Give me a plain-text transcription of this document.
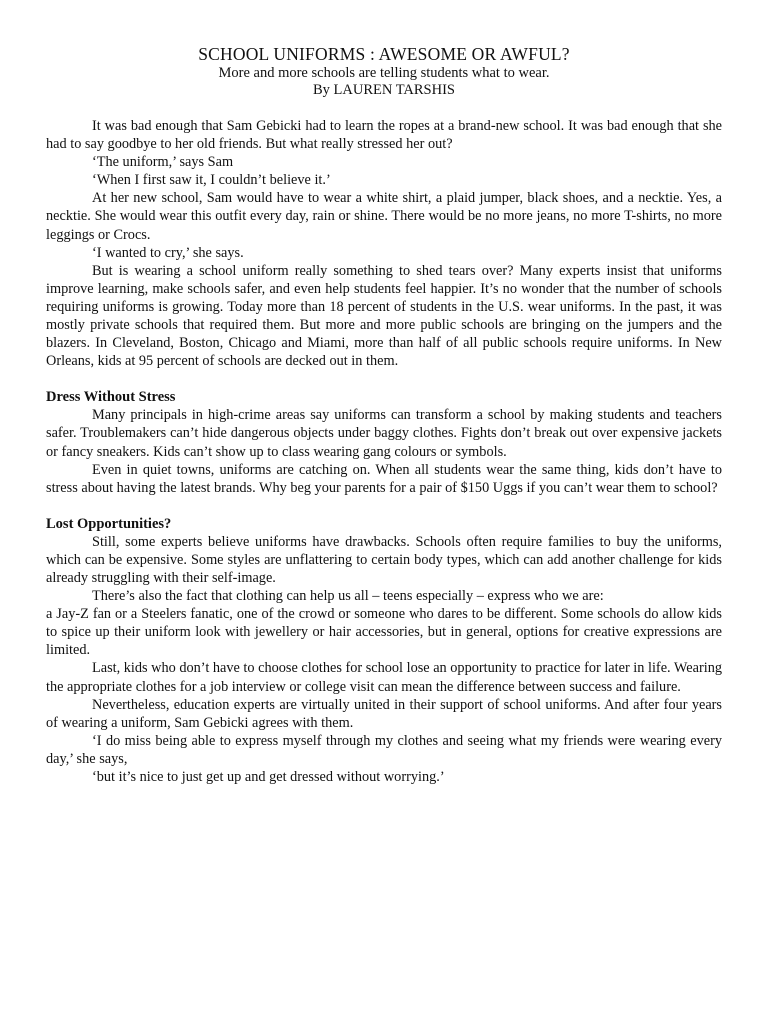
SCHOOL UNIFORMS : AWESOME OR AWFUL?
More and more schools are telling students what to wear.
By LAUREN TARSHIS

It was bad enough that Sam Gebicki had to learn the ropes at a brand-new school. It was bad enough that she had to say goodbye to her old friends. But what really stressed her out?

‘The uniform,’ says Sam

‘When I first saw it, I couldn’t believe it.’

At her new school, Sam would have to wear a white shirt, a plaid jumper, black shoes, and a necktie. Yes, a necktie. She would wear this outfit every day, rain or shine. There would be no more jeans, no more T-shirts, no more leggings or Crocs.

‘I wanted to cry,’ she says.

But is wearing a school uniform really something to shed tears over? Many experts insist that uniforms improve learning, make schools safer, and even help students feel happier. It’s no wonder that the number of schools requiring uniforms is growing. Today more than 18 percent of students in the U.S. wear uniforms. In the past, it was mostly private schools that required them. But more and more public schools are bringing on the jumpers and the blazers. In Cleveland, Boston, Chicago and Miami, more than half of all public schools require uniforms. In New Orleans, kids at 95 percent of schools are decked out in them.

Dress Without Stress

Many principals in high-crime areas say uniforms can transform a school by making students and teachers safer. Troublemakers can’t hide dangerous objects under baggy clothes. Fights don’t break out over expensive jackets or fancy sneakers. Kids can’t show up to class wearing gang colours or symbols.

Even in quiet towns, uniforms are catching on. When all students wear the same thing, kids don’t have to stress about having the latest brands. Why beg your parents for a pair of $150 Uggs if you can’t wear them to school?

Lost Opportunities?

Still, some experts believe uniforms have drawbacks. Schools often require families to buy the uniforms, which can be expensive. Some styles are unflattering to certain body types, which can add another challenge for kids already struggling with their self-image.

There’s also the fact that clothing can help us all – teens especially – express who we are:

a Jay-Z fan or a Steelers fanatic, one of the crowd or someone who dares to be different. Some schools do allow kids to spice up their uniform look with jewellery or hair accessories, but in general, options for creative expressions are limited.

Last, kids who don’t have to choose clothes for school lose an opportunity to practice for later in life. Wearing the appropriate clothes for a job interview or college visit can mean the difference between success and failure.

Nevertheless, education experts are virtually united in their support of school uniforms. And after four years of wearing a uniform, Sam Gebicki agrees with them.

‘I do miss being able to express myself through my clothes and seeing what my friends were wearing every day,’ she says,

‘but it’s nice to just get up and get dressed without worrying.’
